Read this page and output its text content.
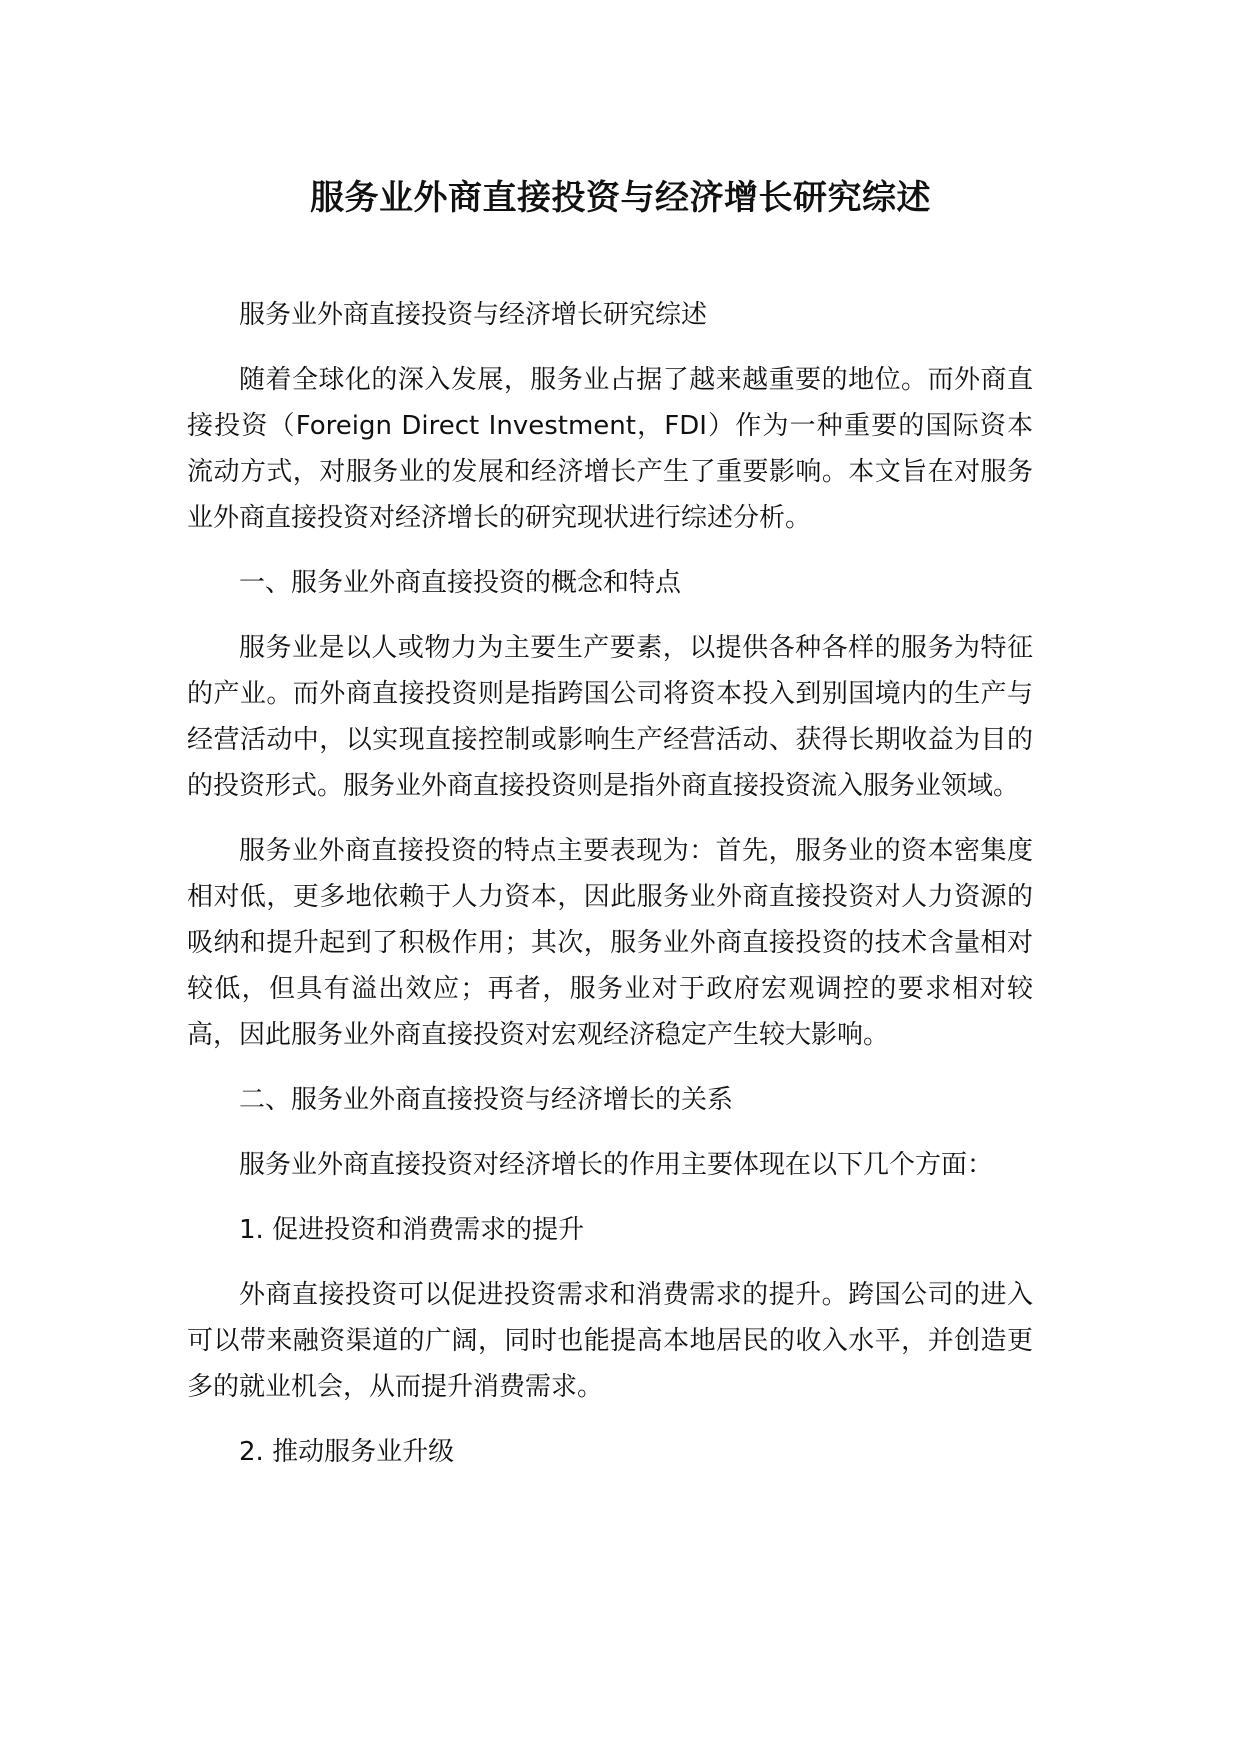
服务业外商直接投资与经济增长研究综述

服务业外商直接投资与经济增长研究综述

随着全球化的深入发展，服务业占据了越来越重要的地位。而外商直接投资（Foreign Direct Investment，FDI）作为一种重要的国际资本流动方式，对服务业的发展和经济增长产生了重要影响。本文旨在对服务业外商直接投资对经济增长的研究现状进行综述分析。

一、服务业外商直接投资的概念和特点

服务业是以人或物力为主要生产要素，以提供各种各样的服务为特征的产业。而外商直接投资则是指跨国公司将资本投入到别国境内的生产与经营活动中，以实现直接控制或影响生产经营活动、获得长期收益为目的的投资形式。服务业外商直接投资则是指外商直接投资流入服务业领域。

服务业外商直接投资的特点主要表现为：首先，服务业的资本密集度相对低，更多地依赖于人力资本，因此服务业外商直接投资对人力资源的吸纳和提升起到了积极作用；其次，服务业外商直接投资的技术含量相对较低，但具有溢出效应；再者，服务业对于政府宏观调控的要求相对较高，因此服务业外商直接投资对宏观经济稳定产生较大影响。

二、服务业外商直接投资与经济增长的关系

服务业外商直接投资对经济增长的作用主要体现在以下几个方面：

1. 促进投资和消费需求的提升

外商直接投资可以促进投资需求和消费需求的提升。跨国公司的进入可以带来融资渠道的广阔，同时也能提高本地居民的收入水平，并创造更多的就业机会，从而提升消费需求。

2. 推动服务业升级
